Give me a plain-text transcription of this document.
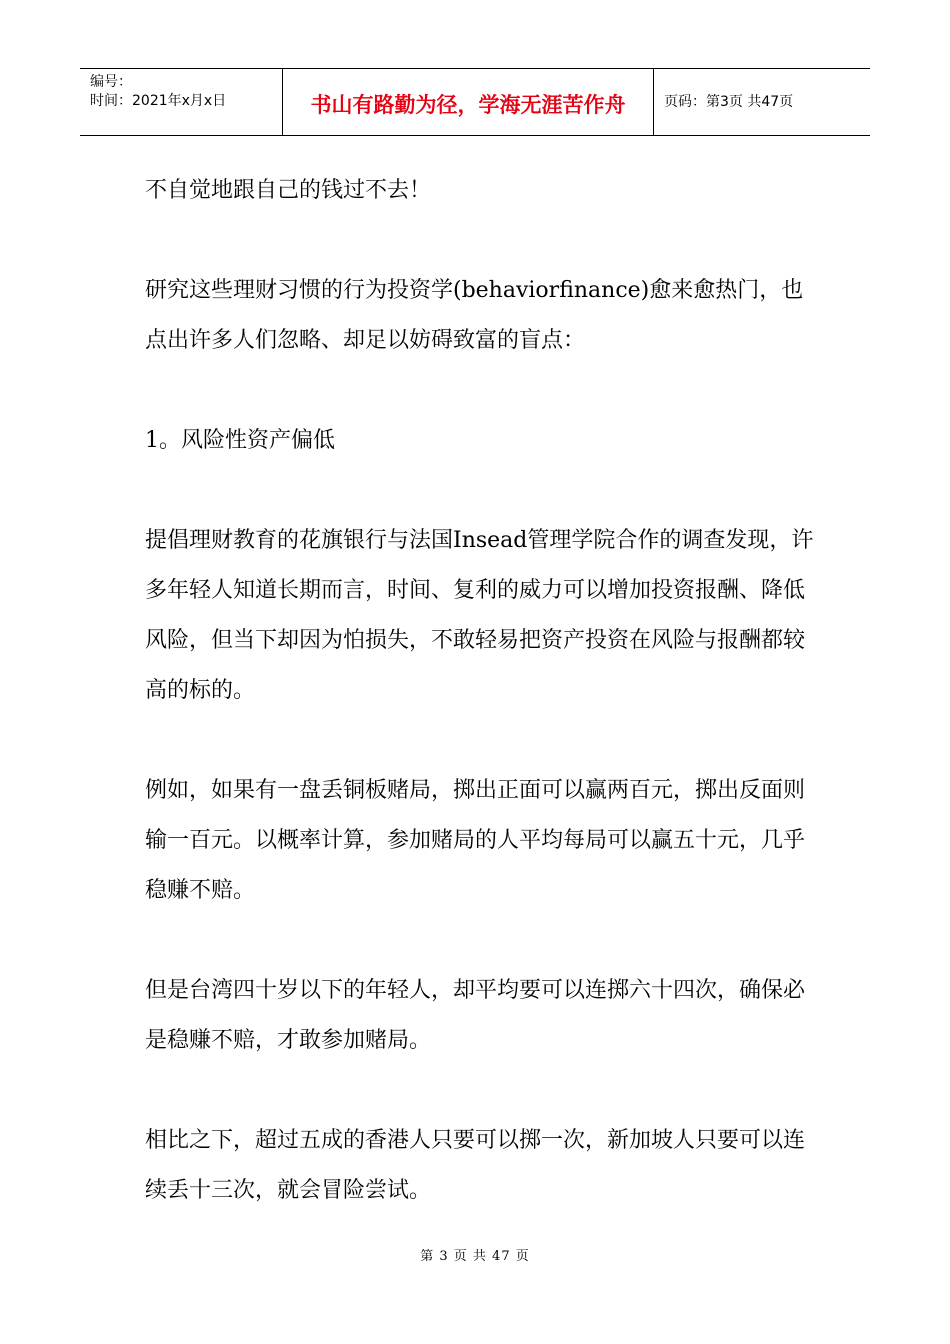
编号：
时间：2021年x月x日	书山有路勤为径，学海无涯苦作舟	页码：第3页 共47页

不自觉地跟自己的钱过不去！

研究这些理财习惯的行为投资学(behaviorfinance)愈来愈热门，也点出许多人们忽略、却足以妨碍致富的盲点：

1。风险性资产偏低

提倡理财教育的花旗银行与法国Insead管理学院合作的调查发现，许多年轻人知道长期而言，时间、复利的威力可以增加投资报酬、降低风险，但当下却因为怕损失，不敢轻易把资产投资在风险与报酬都较高的标的。

例如，如果有一盘丢铜板赌局，掷出正面可以赢两百元，掷出反面则输一百元。以概率计算，参加赌局的人平均每局可以赢五十元，几乎稳赚不赔。

但是台湾四十岁以下的年轻人，却平均要可以连掷六十四次，确保必是稳赚不赔，才敢参加赌局。

相比之下，超过五成的香港人只要可以掷一次，新加坡人只要可以连续丢十三次，就会冒险尝试。

第 3 页 共 47 页
